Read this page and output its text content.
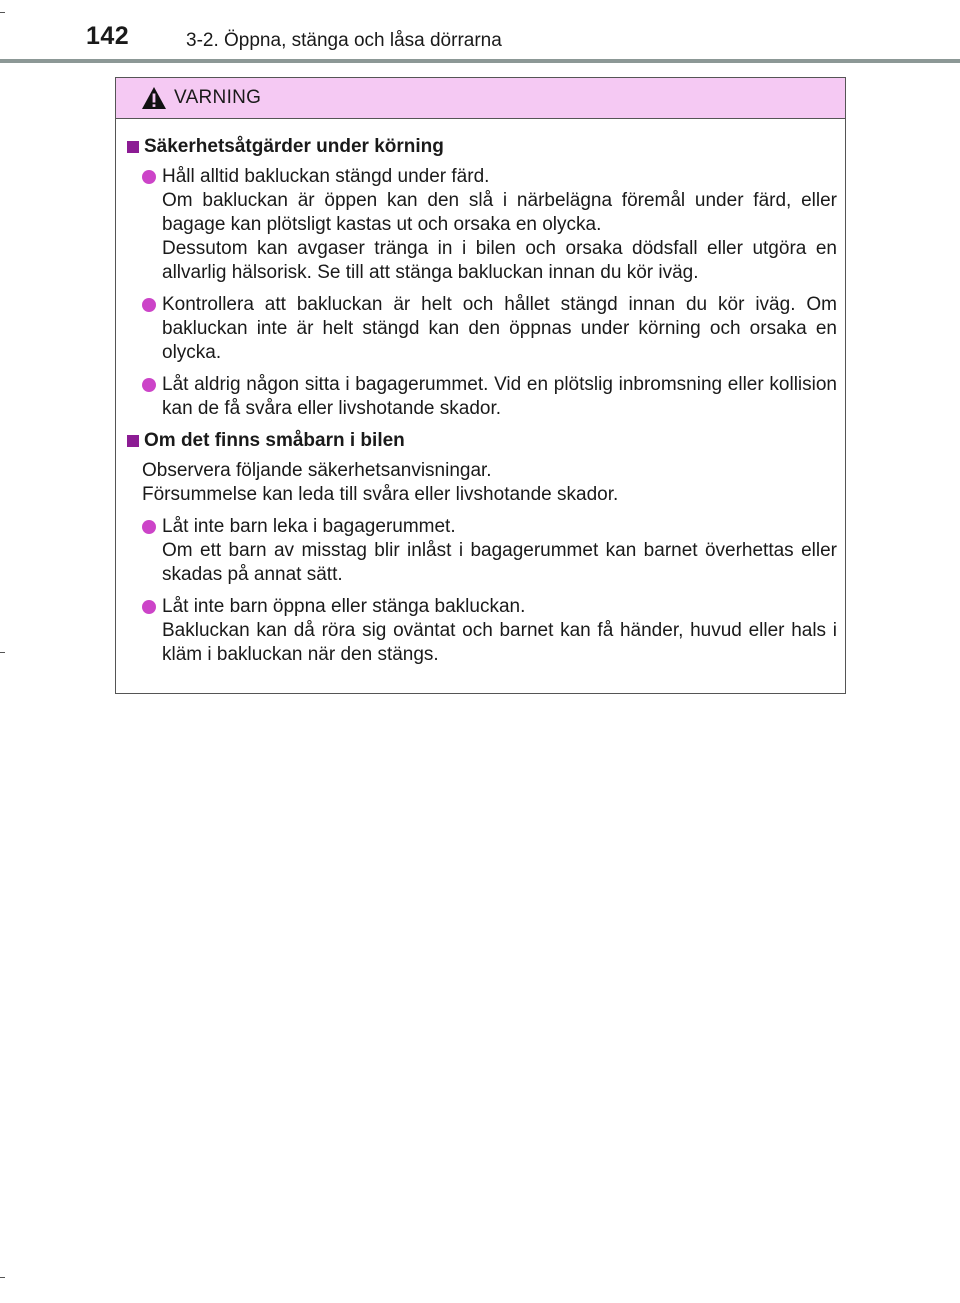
142	3-2. Öppna, stänga och låsa dörrarna
VARNING
Säkerhetsåtgärder under körning

Håll alltid bakluckan stängd under färd.

Om bakluckan är öppen kan den slå i närbelägna föremål under färd, eller bagage kan plötsligt kastas ut och orsaka en olycka.

Dessutom kan avgaser tränga in i bilen och orsaka dödsfall eller utgöra en allvarlig hälsorisk. Se till att stänga bakluckan innan du kör iväg.

Kontrollera att bakluckan är helt och hållet stängd innan du kör iväg. Om bakluckan inte är helt stängd kan den öppnas under körning och orsaka en olycka.

Låt aldrig någon sitta i bagagerummet. Vid en plötslig inbromsning eller kollision kan de få svåra eller livshotande skador.

Om det finns småbarn i bilen

Observera följande säkerhetsanvisningar.

Försummelse kan leda till svåra eller livshotande skador.

Låt inte barn leka i bagagerummet.

Om ett barn av misstag blir inlåst i bagagerummet kan barnet överhettas eller skadas på annat sätt.

Låt inte barn öppna eller stänga bakluckan.

Bakluckan kan då röra sig oväntat och barnet kan få händer, huvud eller hals i kläm i bakluckan när den stängs.
